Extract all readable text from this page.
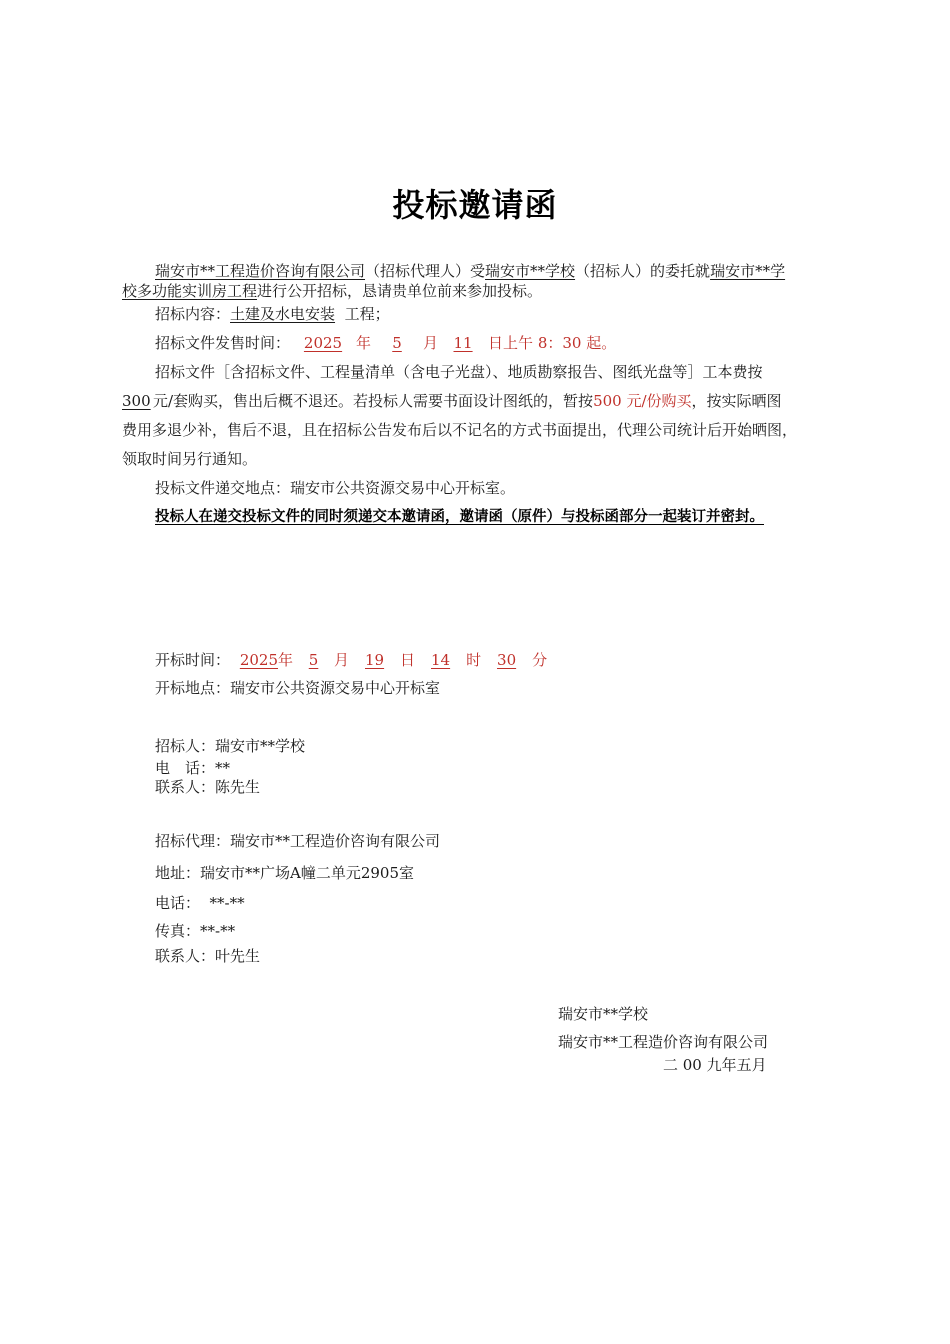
投标邀请函
瑞安市**工程造价咨询有限公司（招标代理人）受瑞安市**学校（招标人）的委托就瑞安市**学
校多功能实训房工程进行公开招标，恳请贵单位前来参加投标。
招标内容：土建及水电安装 工程；
招标文件发售时间： 2025 年 5 月 11 日上午 8：30 起。
招标文件［含招标文件、工程量清单（含电子光盘）、地质勘察报告、图纸光盘等］工本费按
300 元/套购买，售出后概不退还。若投标人需要书面设计图纸的，暂按500 元/份购买，按实际晒图
费用多退少补，售后不退，且在招标公告发布后以不记名的方式书面提出，代理公司统计后开始晒图，
领取时间另行通知。
投标文件递交地点：瑞安市公共资源交易中心开标室。
投标人在递交投标文件的同时须递交本邀请函，邀请函（原件）与投标函部分一起装订并密封。
开标时间： 2025年 5 月 19 日 14 时 30 分
开标地点：瑞安市公共资源交易中心开标室
招标人：瑞安市**学校
电　话：**
联系人：陈先生
招标代理：瑞安市**工程造价咨询有限公司
地址：瑞安市**广场A幢二单元2905室
电话：  **-**
传真：**-**
联系人：叶先生
瑞安市**学校
瑞安市**工程造价咨询有限公司
二 00 九年五月
